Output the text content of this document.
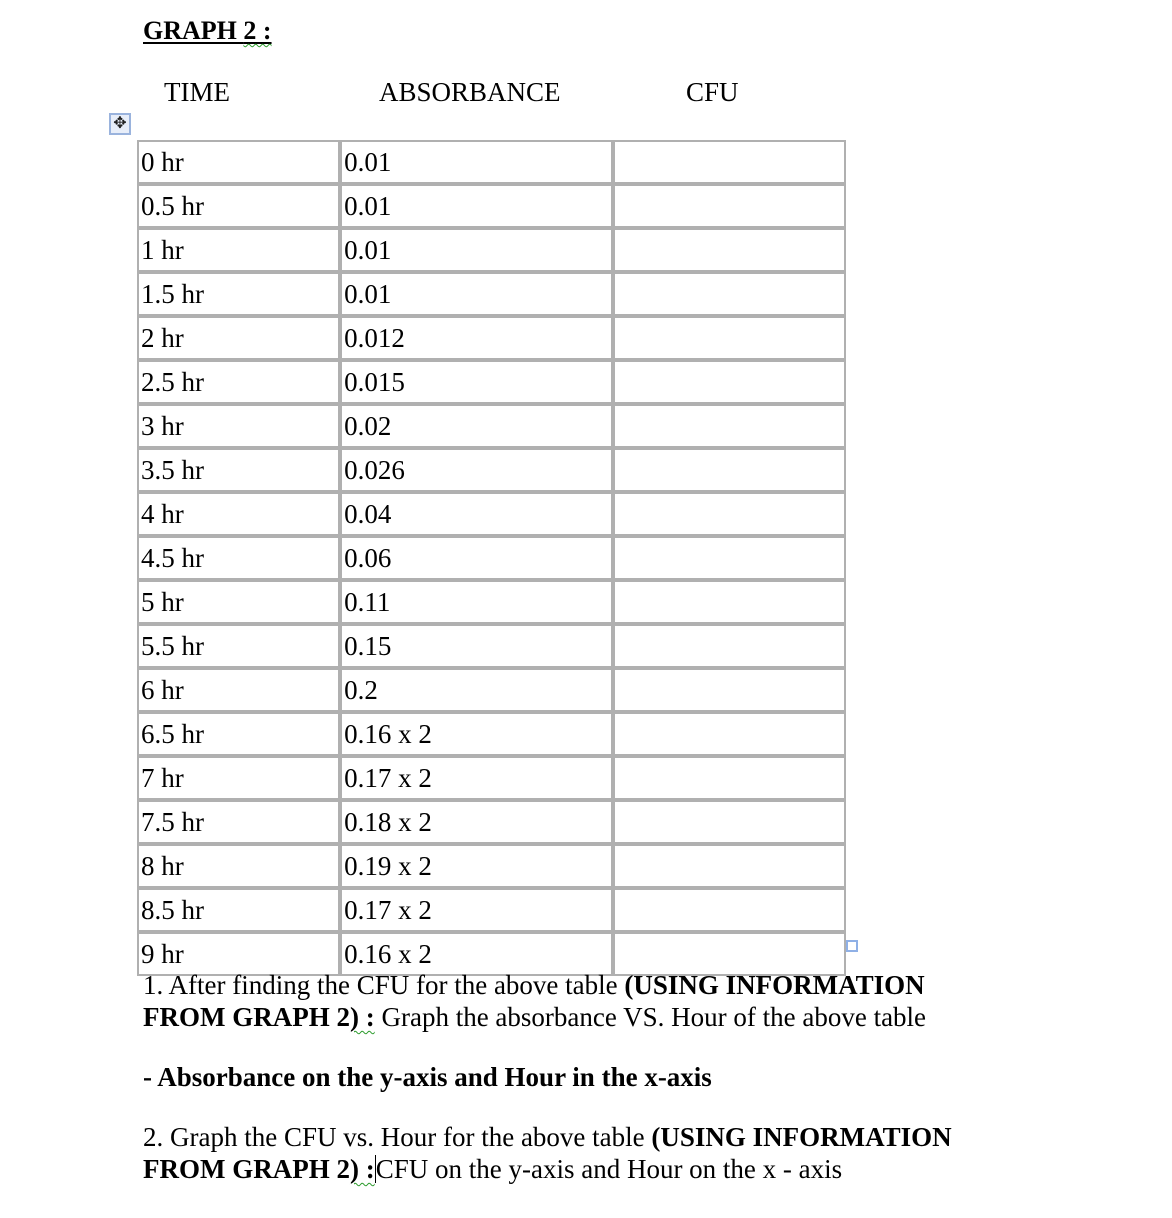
GRAPH 2 :
TIME	ABSORBANCE	CFU
✥
0 hr	0.01	
0.5 hr	0.01	
1 hr	0.01	
1.5 hr	0.01	
2 hr	0.012	
2.5 hr	0.015	
3 hr	0.02	
3.5 hr	0.026	
4 hr	0.04	
4.5 hr	0.06	
5 hr	0.11	
5.5 hr	0.15	
6 hr	0.2	
6.5 hr	0.16 x 2	
7 hr	0.17 x 2	
7.5 hr	0.18 x 2	
8 hr	0.19 x 2	
8.5 hr	0.17 x 2	
9 hr	0.16 x 2	
1. After finding the CFU for the above table (USING INFORMATION
FROM GRAPH 2) : Graph the absorbance VS. Hour of the above table
- Absorbance on the y-axis and Hour in the x-axis
2. Graph the CFU vs. Hour for the above table (USING INFORMATION
FROM GRAPH 2) :CFU on the y-axis and Hour on the x - axis
